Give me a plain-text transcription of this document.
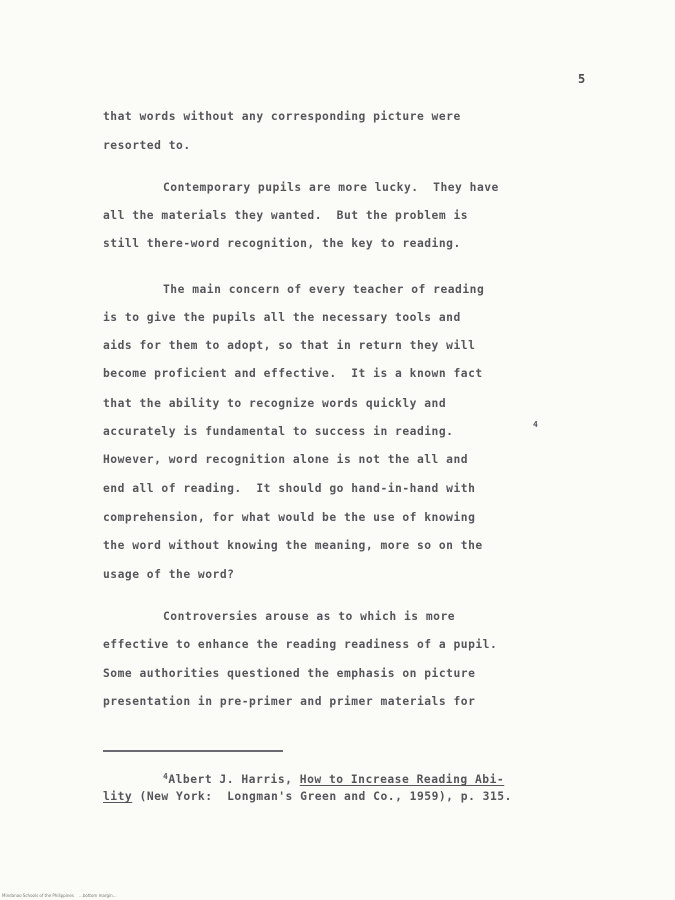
5
that words without any corresponding picture were
resorted to.
Contemporary pupils are more lucky.  They have
all the materials they wanted.  But the problem is
still there-word recognition, the key to reading.
The main concern of every teacher of reading
is to give the pupils all the necessary tools and
aids for them to adopt, so that in return they will
become proficient and effective.  It is a known fact
that the ability to recognize words quickly and
accurately is fundamental to success in reading.
4
However, word recognition alone is not the all and
end all of reading.  It should go hand-in-hand with
comprehension, for what would be the use of knowing
the word without knowing the meaning, more so on the
usage of the word?
Controversies arouse as to which is more
effective to enhance the reading readiness of a pupil.
Some authorities questioned the emphasis on picture
presentation in pre-primer and primer materials for
$^4$Albert J. Harris, How to Increase Reading Abi-
lity (New York:  Longman's Green and Co., 1959), p. 315.
Mindanao Schools of the Philippines    ...bottom margin...
